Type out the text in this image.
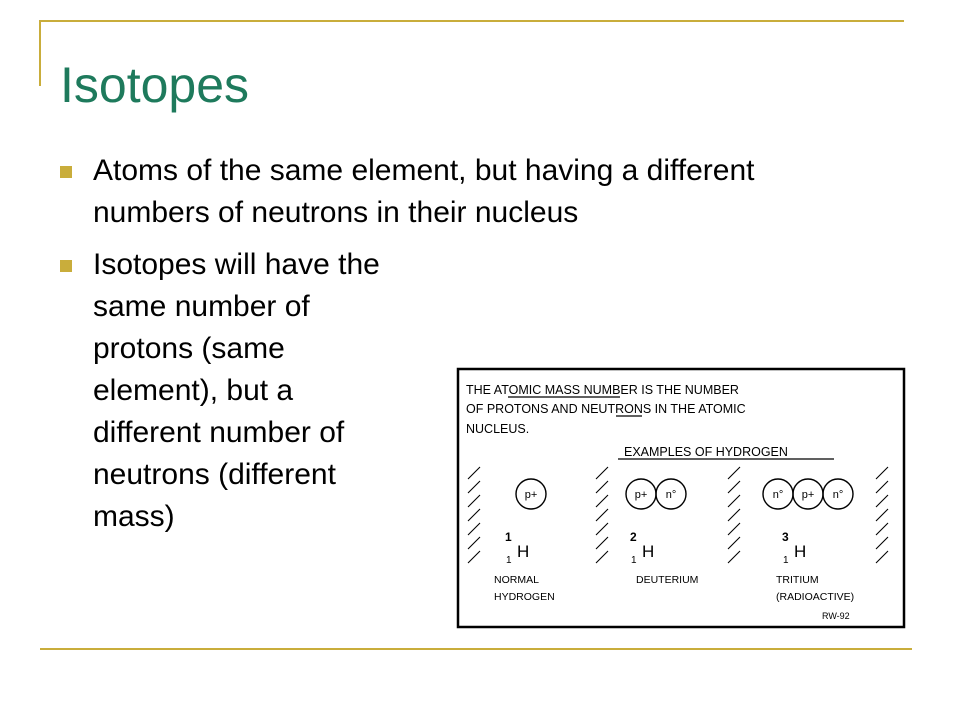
Isotopes
Atoms of the same element, but having a different numbers of neutrons in their nucleus
Isotopes will have the same number of protons (same element), but a different number of neutrons (different mass)
THE ATOMIC MASS NUMBER IS THE NUMBER
OF PROTONS AND NEUTRONS IN THE ATOMIC
NUCLEUS.
EXAMPLES OF HYDROGEN
p+	p+ n°	n° p+ n°
1
1 H
NORMAL
HYDROGEN
2
1 H
DEUTERIUM
3
1 H
TRITIUM
(RADIOACTIVE)
RW-92
